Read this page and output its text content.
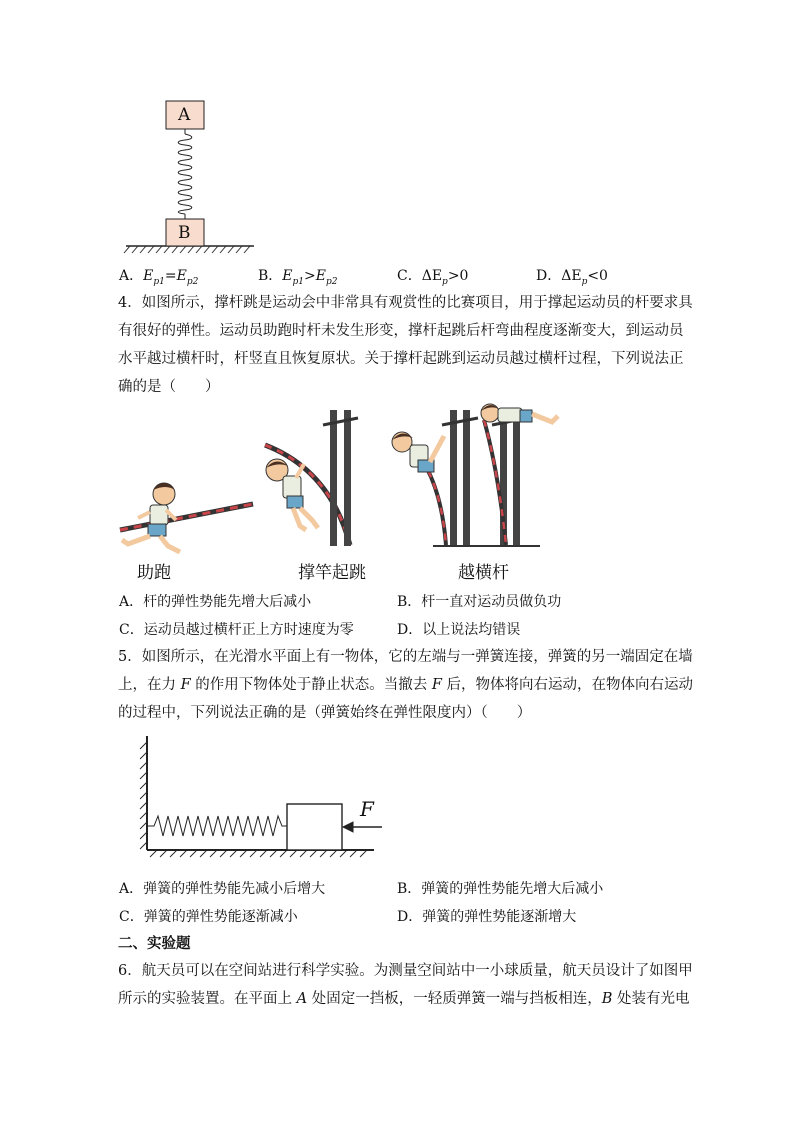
A
B
A．$E_{p1}=E_{p2}$	B．$E_{p1}>E_{p2}$	C．$\Delta E_p>0$	D．$\Delta E_p<0$
4．如图所示，撑杆跳是运动会中非常具有观赏性的比赛项目，用于撑起运动员的杆要求具
有很好的弹性。运动员助跑时杆未发生形变，撑杆起跳后杆弯曲程度逐渐变大，到运动员
水平越过横杆时，杆竖直且恢复原状。关于撑杆起跳到运动员越过横杆过程，下列说法正
确的是（　　）
助跑	撑竿起跳	越横杆
A．杆的弹性势能先增大后减小	B．杆一直对运动员做负功
C．运动员越过横杆正上方时速度为零	D．以上说法均错误
5．如图所示，在光滑水平面上有一物体，它的左端与一弹簧连接，弹簧的另一端固定在墙
上，在力 F 的作用下物体处于静止状态。当撤去 F 后，物体将向右运动，在物体向右运动
的过程中，下列说法正确的是（弹簧始终在弹性限度内）（　　）
F
A．弹簧的弹性势能先减小后增大	B．弹簧的弹性势能先增大后减小
C．弹簧的弹性势能逐渐减小	D．弹簧的弹性势能逐渐增大
二、实验题
6．航天员可以在空间站进行科学实验。为测量空间站中一小球质量，航天员设计了如图甲
所示的实验装置。在平面上 A 处固定一挡板，一轻质弹簧一端与挡板相连，B 处装有光电
